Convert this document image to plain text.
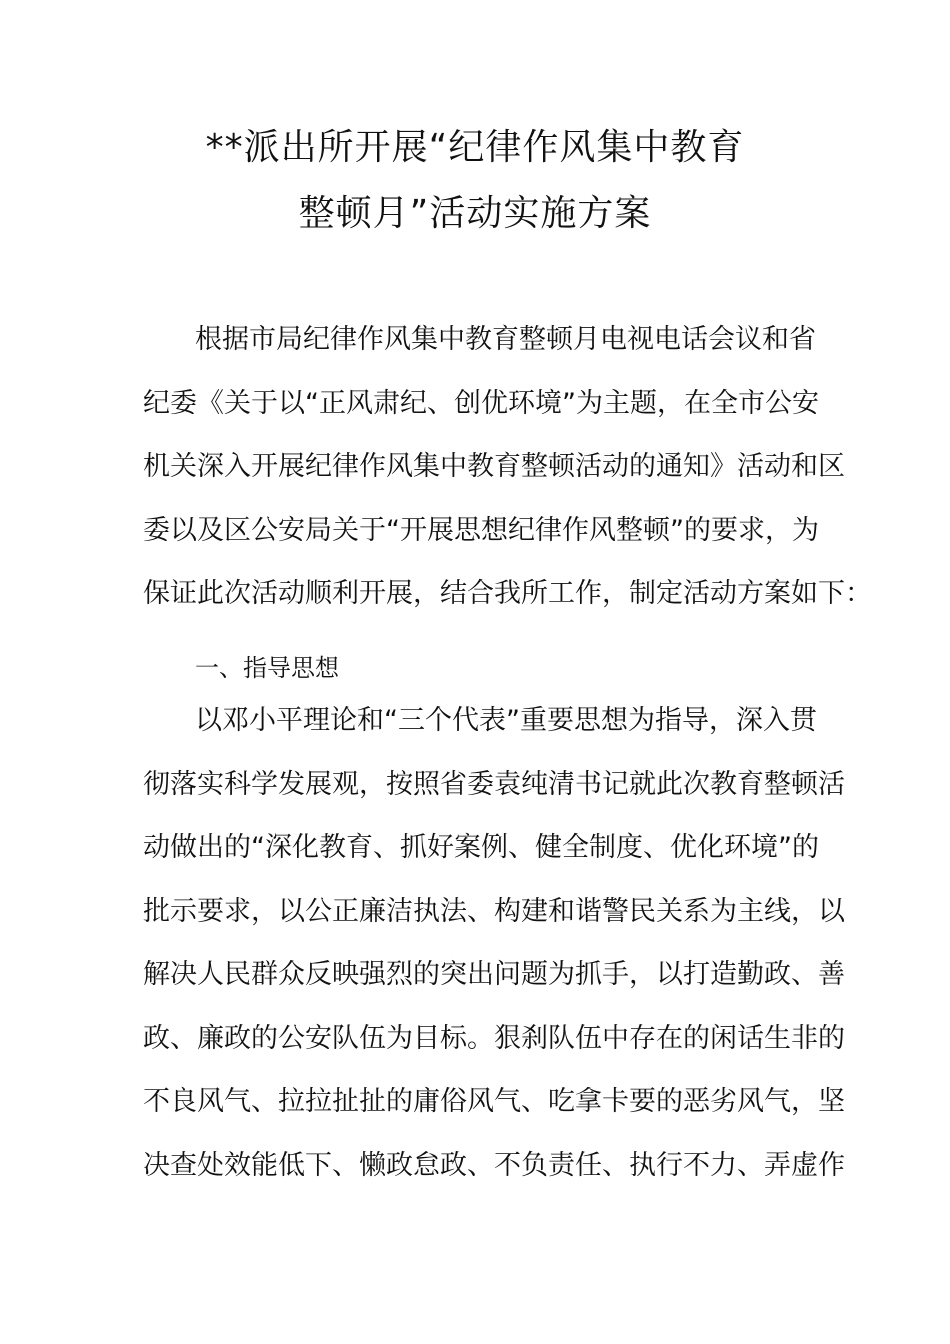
**派出所开展“纪律作风集中教育
整顿月”活动实施方案
根据市局纪律作风集中教育整顿月电视电话会议和省
纪委《关于以“正风肃纪、创优环境”为主题，在全市公安
机关深入开展纪律作风集中教育整顿活动的通知》活动和区
委以及区公安局关于“开展思想纪律作风整顿”的要求，为
保证此次活动顺利开展，结合我所工作，制定活动方案如下：
一、指导思想
以邓小平理论和“三个代表”重要思想为指导，深入贯
彻落实科学发展观，按照省委袁纯清书记就此次教育整顿活
动做出的“深化教育、抓好案例、健全制度、优化环境”的
批示要求，以公正廉洁执法、构建和谐警民关系为主线，以
解决人民群众反映强烈的突出问题为抓手，以打造勤政、善
政、廉政的公安队伍为目标。狠刹队伍中存在的闲话生非的
不良风气、拉拉扯扯的庸俗风气、吃拿卡要的恶劣风气，坚
决查处效能低下、懒政怠政、不负责任、执行不力、弄虚作
